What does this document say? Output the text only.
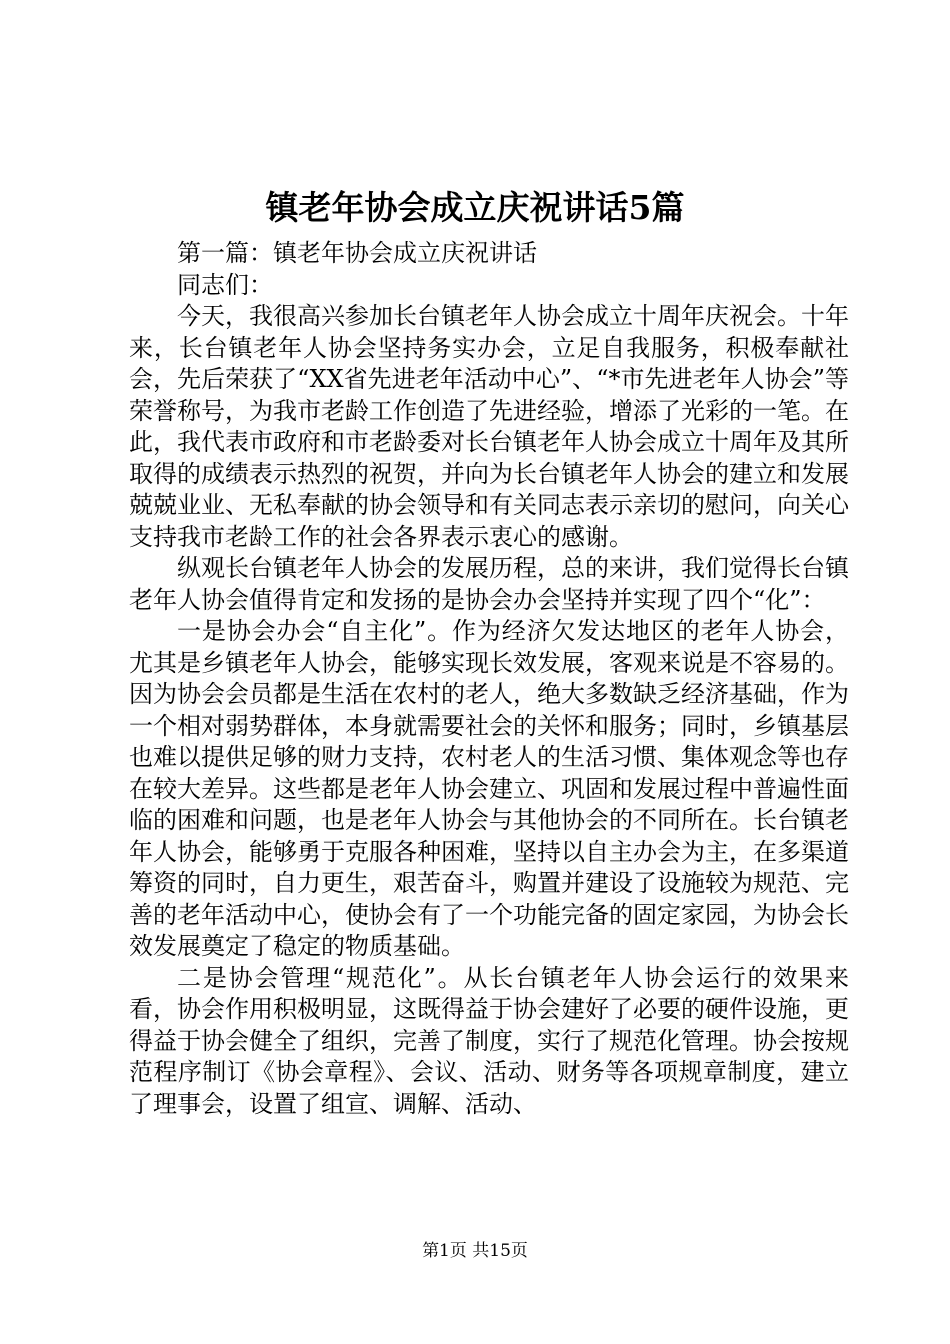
镇老年协会成立庆祝讲话5篇

第一篇：镇老年协会成立庆祝讲话

同志们：

今天，我很高兴参加长台镇老年人协会成立十周年庆祝会。十年来，长台镇老年人协会坚持务实办会，立足自我服务，积极奉献社会，先后荣获了“XX省先进老年活动中心”、“*市先进老年人协会”等荣誉称号，为我市老龄工作创造了先进经验，增添了光彩的一笔。在此，我代表市政府和市老龄委对长台镇老年人协会成立十周年及其所取得的成绩表示热烈的祝贺，并向为长台镇老年人协会的建立和发展兢兢业业、无私奉献的协会领导和有关同志表示亲切的慰问，向关心支持我市老龄工作的社会各界表示衷心的感谢。

纵观长台镇老年人协会的发展历程，总的来讲，我们觉得长台镇老年人协会值得肯定和发扬的是协会办会坚持并实现了四个“化”：

一是协会办会“自主化”。作为经济欠发达地区的老年人协会，尤其是乡镇老年人协会，能够实现长效发展，客观来说是不容易的。因为协会会员都是生活在农村的老人，绝大多数缺乏经济基础，作为一个相对弱势群体，本身就需要社会的关怀和服务；同时，乡镇基层也难以提供足够的财力支持，农村老人的生活习惯、集体观念等也存在较大差异。这些都是老年人协会建立、巩固和发展过程中普遍性面临的困难和问题，也是老年人协会与其他协会的不同所在。长台镇老年人协会，能够勇于克服各种困难，坚持以自主办会为主，在多渠道筹资的同时，自力更生，艰苦奋斗，购置并建设了设施较为规范、完善的老年活动中心，使协会有了一个功能完备的固定家园，为协会长效发展奠定了稳定的物质基础。

二是协会管理“规范化”。从长台镇老年人协会运行的效果来看，协会作用积极明显，这既得益于协会建好了必要的硬件设施，更得益于协会健全了组织，完善了制度，实行了规范化管理。协会按规范程序制订《协会章程》、会议、活动、财务等各项规章制度，建立了理事会，设置了组宣、调解、活动、

第1页 共15页
